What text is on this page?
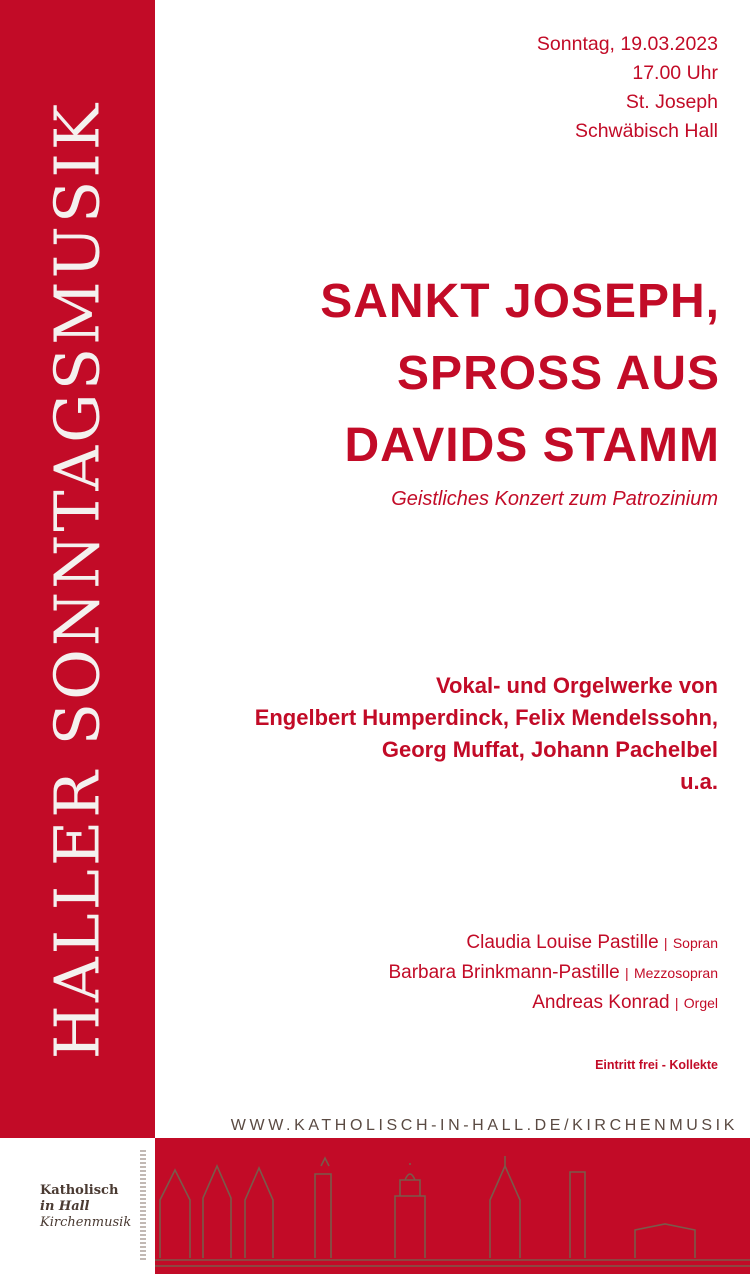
HALLER SONNTAGSMUSIK
Sonntag, 19.03.2023
17.00 Uhr
St. Joseph
Schwäbisch Hall
SANKT JOSEPH,
SPROSS AUS
DAVIDS STAMM
Geistliches Konzert zum Patrozinium
Vokal- und Orgelwerke von
Engelbert Humperdinck, Felix Mendelssohn,
Georg Muffat, Johann Pachelbel
u.a.
Claudia Louise Pastille | Sopran
Barbara Brinkmann-Pastille | Mezzosopran
Andreas Konrad | Orgel
Eintritt frei - Kollekte
WWW.KATHOLISCH-IN-HALL.DE/KIRCHENMUSIK
Katholisch
in Hall
Kirchenmusik
